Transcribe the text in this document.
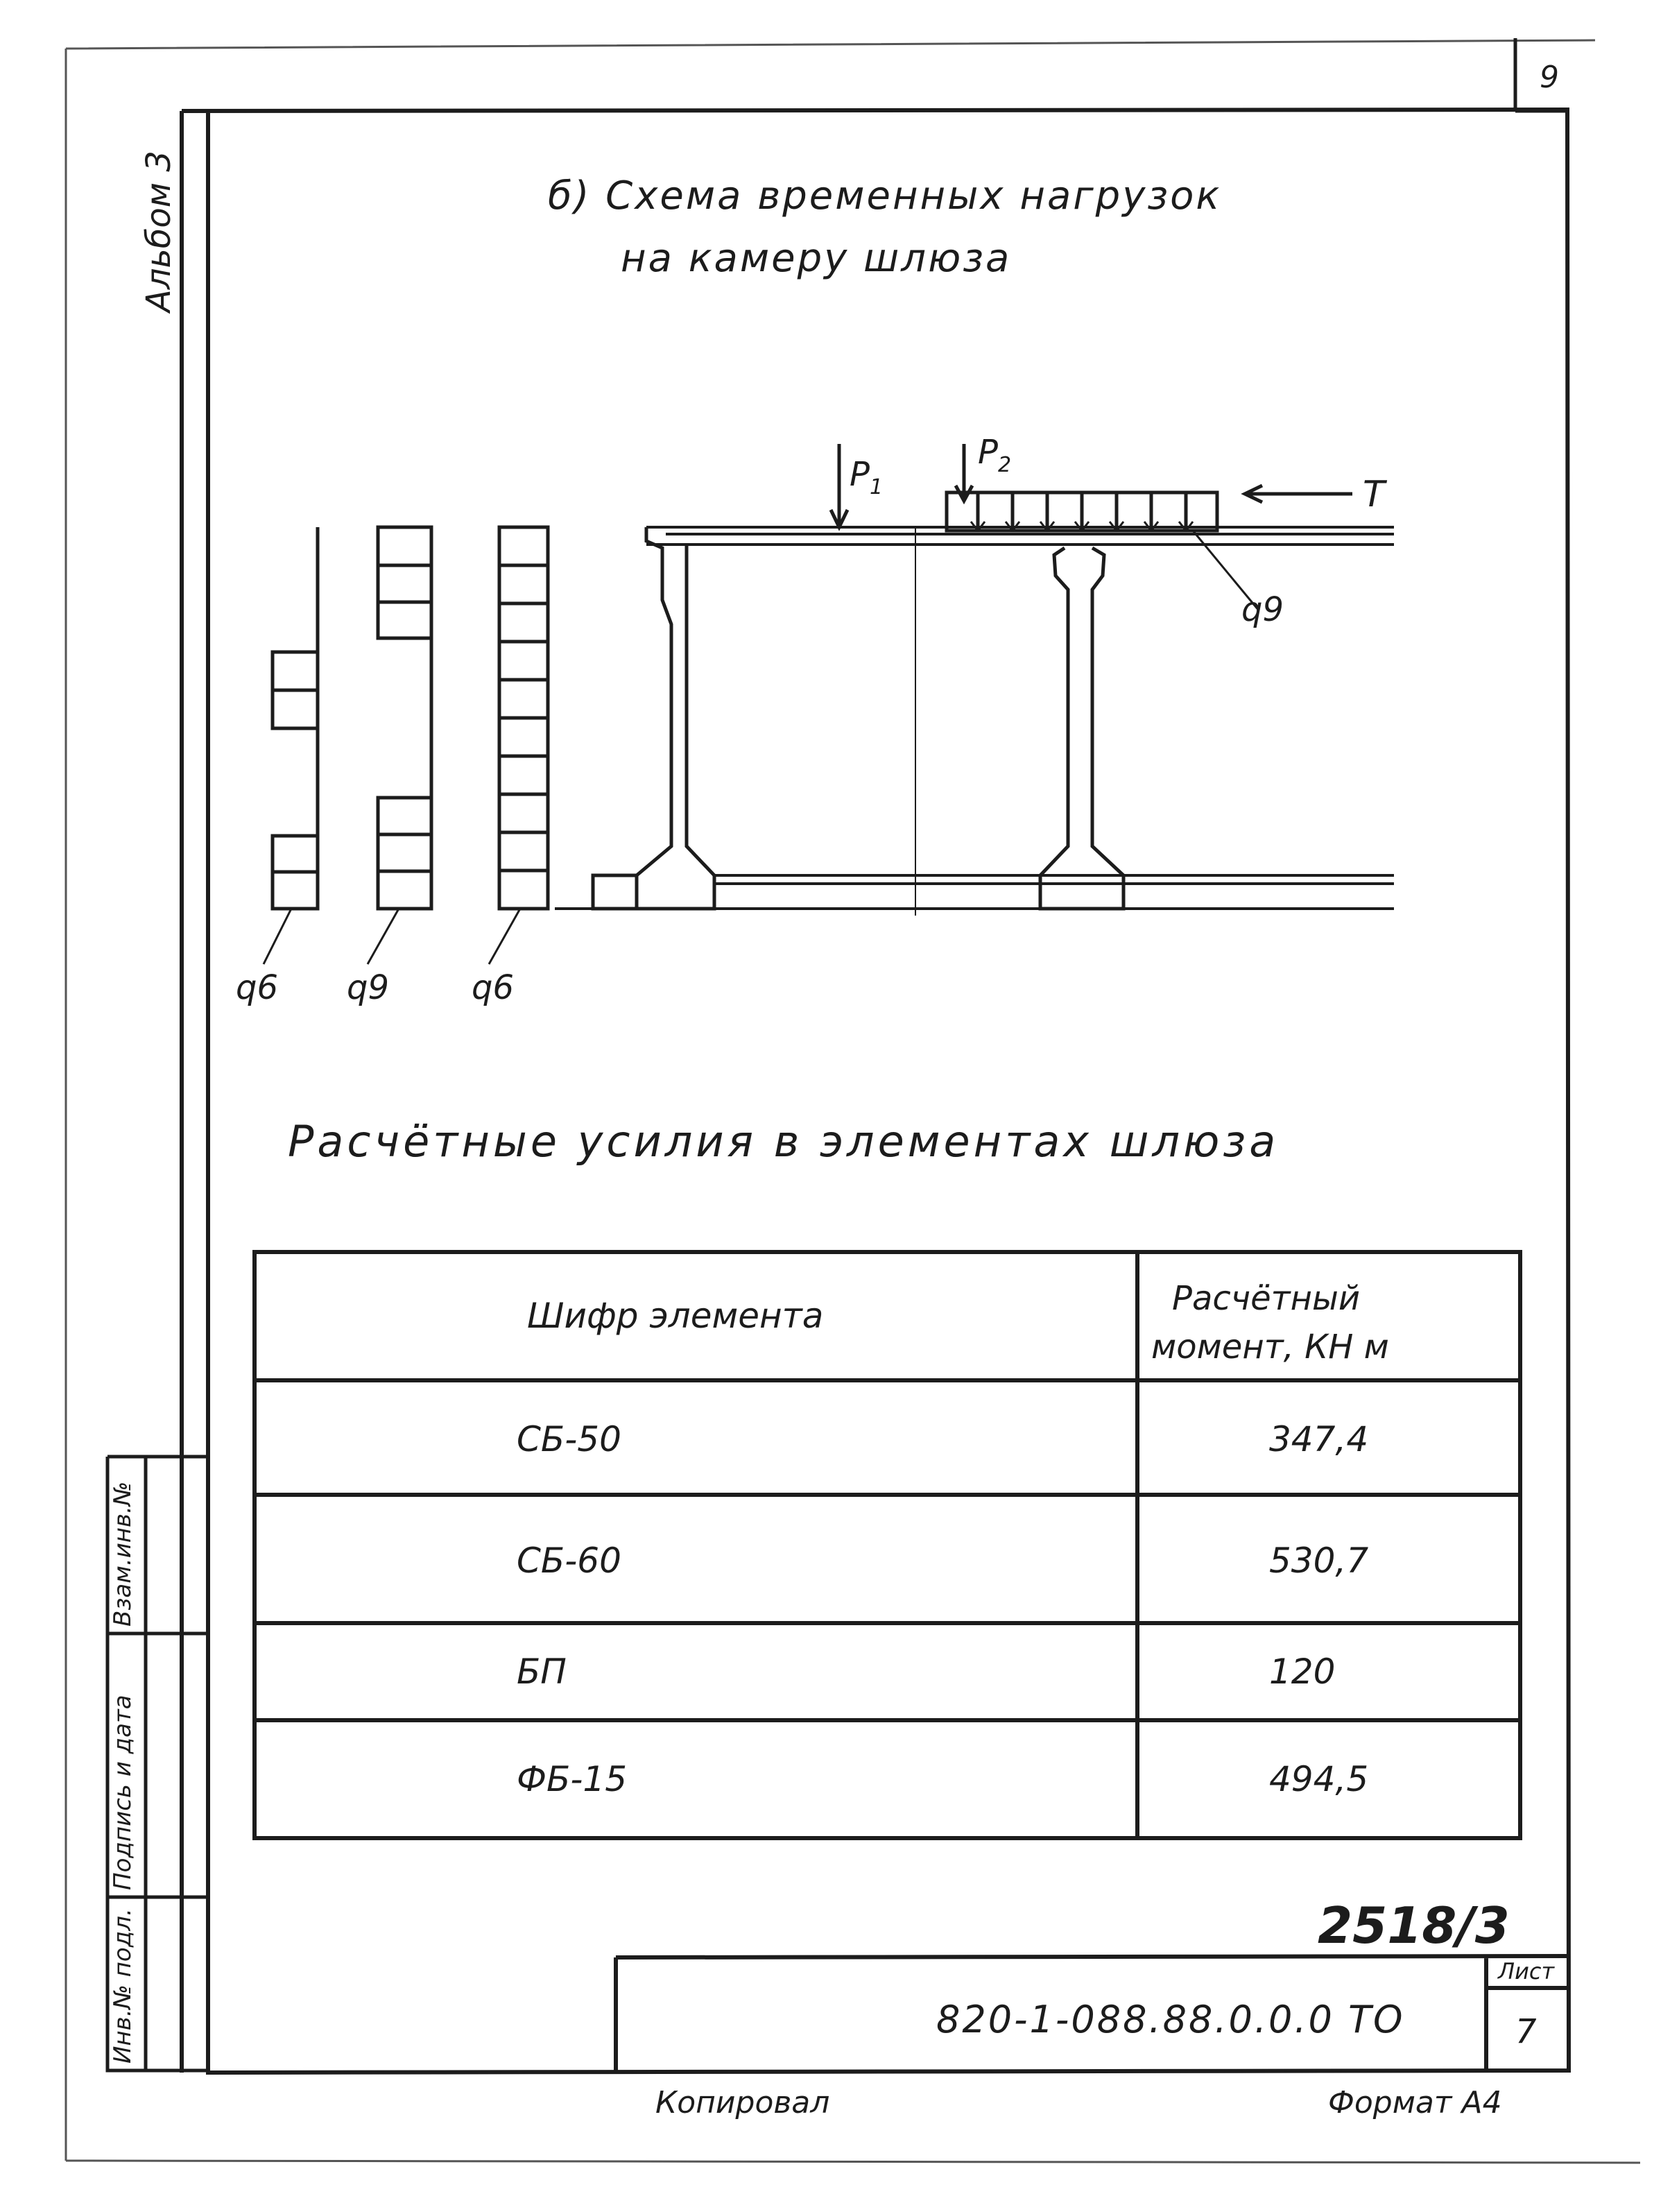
$P_1$
$P_2$
T
q9
q6 q9 q6
9
Альбом 3	б) Схема временных нагрузок
на камеру шлюза
Расчётные усилия в элементах шлюза
Шифр элемента	Расчётный
момент, КН м
СБ-50	347,4
СБ-60	530,7
БП	120
ФБ-15	494,5
Взам.инв.№
Подпись и дата
Инв.№ подл.	2518/3
820-1-088.88.0.0.0 ТО
Лист
7
Копировал	Формат А4
